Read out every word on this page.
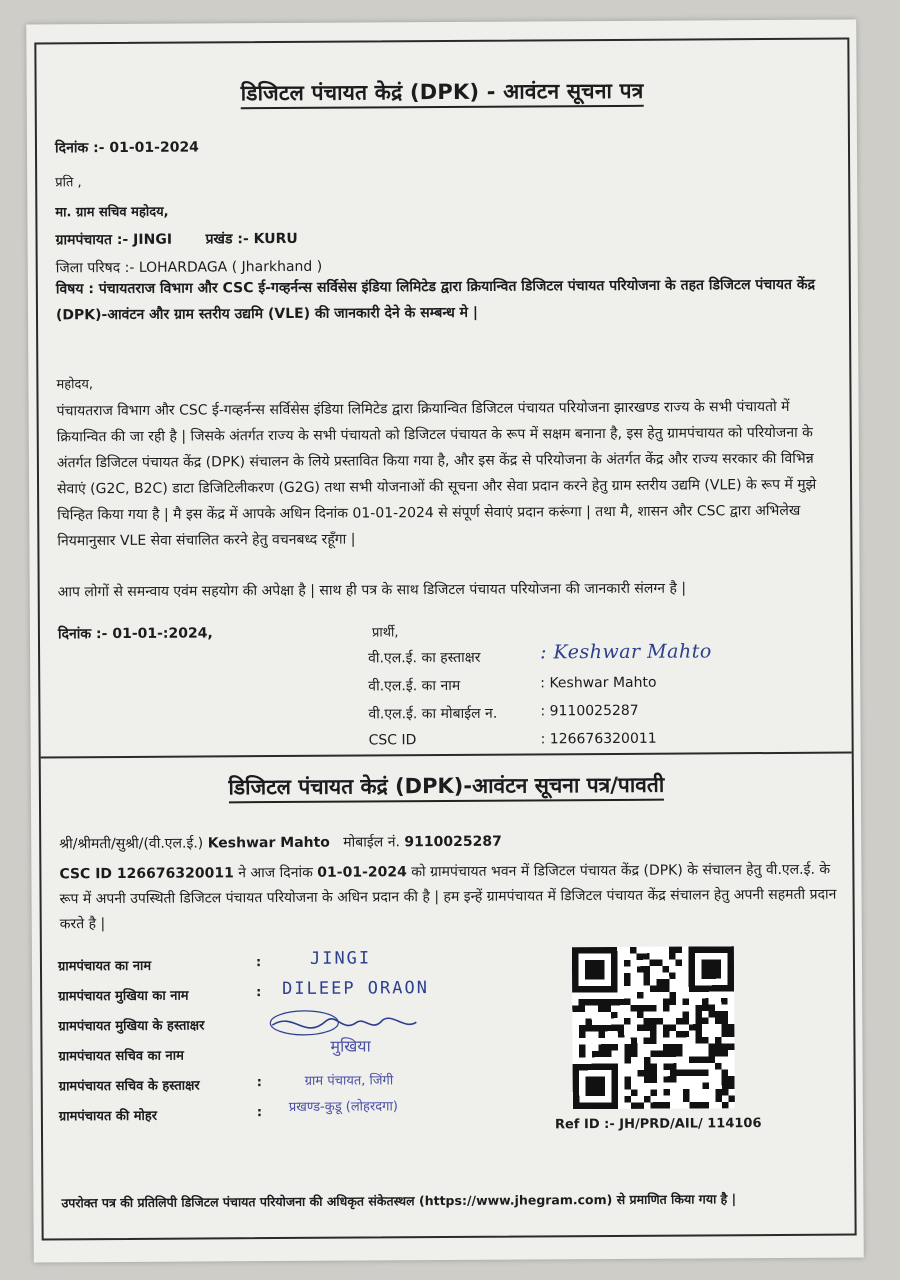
डिजिटल पंचायत केद्रं (DPK) - आवंटन सूचना पत्र
दिनांक :- 01-01-2024
प्रति ,
मा. ग्राम सचिव महोदय,
ग्रामपंचायत :- JINGI प्रखंड :- KURU
जिला परिषद :- LOHARDAGA ( Jharkhand )
विषय : पंचायतराज विभाग और CSC ई-गव्हर्नन्स सर्विसेस इंडिया लिमिटेड द्वारा क्रियान्वित डिजिटल पंचायत परियोजना के तहत डिजिटल पंचायत केंद्र (DPK)-आवंटन और ग्राम स्तरीय उद्यमि (VLE) की जानकारी देने के सम्बन्ध मे |
महोदय,
पंचायतराज विभाग और CSC ई-गव्हर्नन्स सर्विसेस इंडिया लिमिटेड द्वारा क्रियान्वित डिजिटल पंचायत परियोजना झारखण्ड राज्य के सभी पंचायतो में क्रियान्वित की जा रही है | जिसके अंतर्गत राज्य के सभी पंचायतो को डिजिटल पंचायत के रूप में सक्षम बनाना है, इस हेतु ग्रामपंचायत को परियोजना के अंतर्गत डिजिटल पंचायत केंद्र (DPK) संचालन के लिये प्रस्तावित किया गया है, और इस केंद्र से परियोजना के अंतर्गत केंद्र और राज्य सरकार की विभिन्न सेवाएं (G2C, B2C) डाटा डिजिटिलीकरण (G2G) तथा सभी योजनाओं की सूचना और सेवा प्रदान करने हेतु ग्राम स्तरीय उद्यमि (VLE) के रूप में मुझे चिन्हित किया गया है | मै इस केंद्र में आपके अधिन दिनांक 01-01-2024 से संपूर्ण सेवाएं प्रदान करूंगा | तथा मै, शासन और CSC द्वारा अभिलेख नियमानुसार VLE सेवा संचालित करने हेतु वचनबध्द रहूँगा |
आप लोगों से समन्वाय एवंम सहयोग की अपेक्षा है | साथ ही पत्र के साथ डिजिटल पंचायत परियोजना की जानकारी संलग्न है |
दिनांक :- 01-01-:2024,	प्रार्थी,
वी.एल.ई. का हस्ताक्षर	: Keshwar Mahto
वी.एल.ई. का नाम	: Keshwar Mahto
वी.एल.ई. का मोबाईल न.	: 9110025287
CSC ID	: 126676320011
डिजिटल पंचायत केद्रं (DPK)-आवंटन सूचना पत्र/पावती
श्री/श्रीमती/सुश्री/(वी.एल.ई.) Keshwar Mahto मोबाईल नं. 9110025287
CSC ID 126676320011 ने आज दिनांक 01-01-2024 को ग्रामपंचायत भवन में डिजिटल पंचायत केंद्र (DPK) के संचालन हेतु वी.एल.ई. के रूप में अपनी उपस्थिती डिजिटल पंचायत परियोजना के अधिन प्रदान की है | हम इन्हें ग्रामपंचायत में डिजिटल पंचायत केंद्र संचालन हेतु अपनी सहमती प्रदान करते है |
ग्रामपंचायत का नाम	:	JINGI
ग्रामपंचायत मुखिया का नाम	: DILEEP ORAON
ग्रामपंचायत मुखिया के हस्ताक्षर
ग्रामपंचायत सचिव का नाम
मुखिया
ग्रामपंचायत सचिव के हस्ताक्षर	:	ग्राम पंचायत, जिंगी
ग्रामपंचायत की मोहर	: प्रखण्ड-कुडू (लोहरदगा)
Ref ID :- JH/PRD/AIL/ 114106
उपरोक्त पत्र की प्रतिलिपी डिजिटल पंचायत परियोजना की अधिकृत संकेतस्थल (https://www.jhegram.com) से प्रमाणित किया गया है |
